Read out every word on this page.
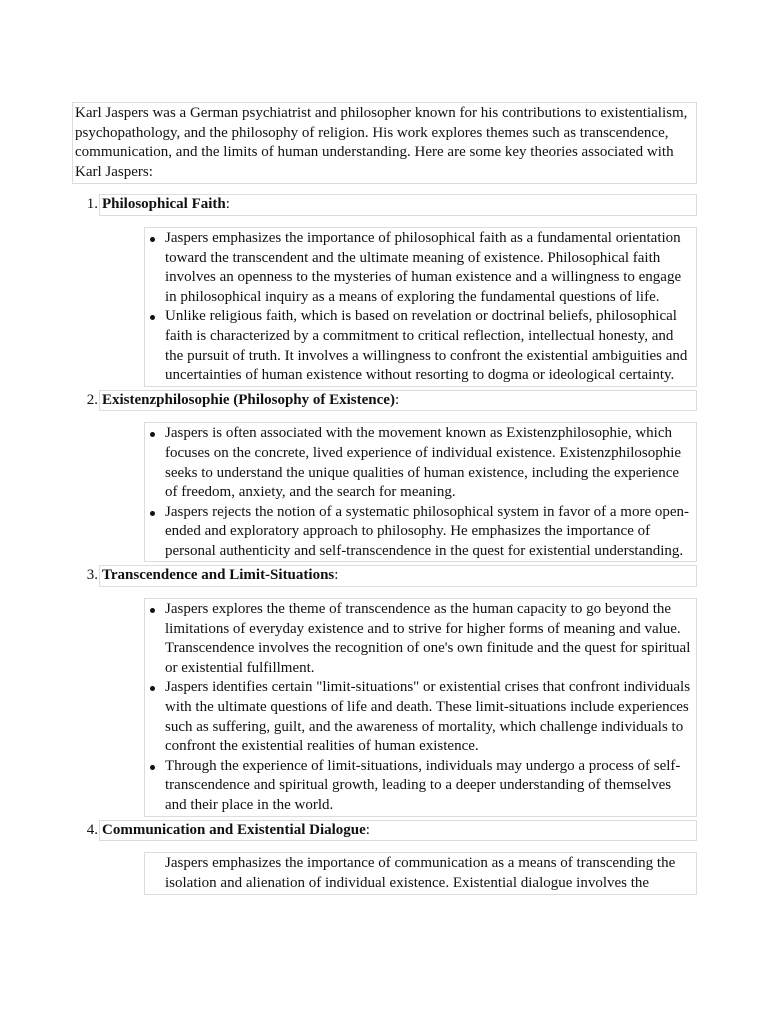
Karl Jaspers was a German psychiatrist and philosopher known for his contributions to existentialism, psychopathology, and the philosophy of religion. His work explores themes such as transcendence, communication, and the limits of human understanding. Here are some key theories associated with Karl Jaspers:
1. Philosophical Faith:
Jaspers emphasizes the importance of philosophical faith as a fundamental orientation toward the transcendent and the ultimate meaning of existence. Philosophical faith involves an openness to the mysteries of human existence and a willingness to engage in philosophical inquiry as a means of exploring the fundamental questions of life.
Unlike religious faith, which is based on revelation or doctrinal beliefs, philosophical faith is characterized by a commitment to critical reflection, intellectual honesty, and the pursuit of truth. It involves a willingness to confront the existential ambiguities and uncertainties of human existence without resorting to dogma or ideological certainty.
2. Existenzphilosophie (Philosophy of Existence):
Jaspers is often associated with the movement known as Existenzphilosophie, which focuses on the concrete, lived experience of individual existence. Existenzphilosophie seeks to understand the unique qualities of human existence, including the experience of freedom, anxiety, and the search for meaning.
Jaspers rejects the notion of a systematic philosophical system in favor of a more open-ended and exploratory approach to philosophy. He emphasizes the importance of personal authenticity and self-transcendence in the quest for existential understanding.
3. Transcendence and Limit-Situations:
Jaspers explores the theme of transcendence as the human capacity to go beyond the limitations of everyday existence and to strive for higher forms of meaning and value. Transcendence involves the recognition of one's own finitude and the quest for spiritual or existential fulfillment.
Jaspers identifies certain "limit-situations" or existential crises that confront individuals with the ultimate questions of life and death. These limit-situations include experiences such as suffering, guilt, and the awareness of mortality, which challenge individuals to confront the existential realities of human existence.
Through the experience of limit-situations, individuals may undergo a process of self-transcendence and spiritual growth, leading to a deeper understanding of themselves and their place in the world.
4. Communication and Existential Dialogue:
Jaspers emphasizes the importance of communication as a means of transcending the isolation and alienation of individual existence. Existential dialogue involves the
